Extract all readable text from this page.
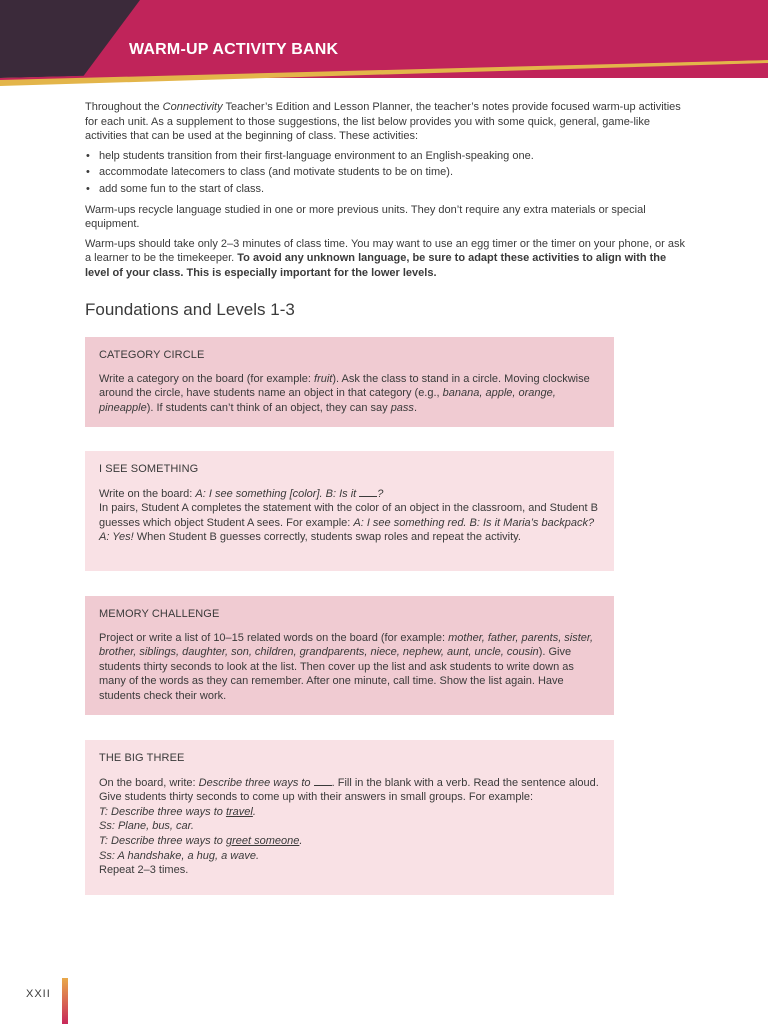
WARM-UP ACTIVITY BANK

Throughout the Connectivity Teacher’s Edition and Lesson Planner, the teacher’s notes provide focused warm-up activities for each unit. As a supplement to those suggestions, the list below provides you with some quick, general, game-like activities that can be used at the beginning of class. These activities:

• help students transition from their first-language environment to an English-speaking one.
• accommodate latecomers to class (and motivate students to be on time).
• add some fun to the start of class.

Warm-ups recycle language studied in one or more previous units. They don’t require any extra materials or special equipment.

Warm-ups should take only 2–3 minutes of class time. You may want to use an egg timer or the timer on your phone, or ask a learner to be the timekeeper. To avoid any unknown language, be sure to adapt these activities to align with the level of your class. This is especially important for the lower levels.

Foundations and Levels 1-3
CATEGORY CIRCLE

Write a category on the board (for example: fruit). Ask the class to stand in a circle. Moving clockwise around the circle, have students name an object in that category (e.g., banana, apple, orange, pineapple). If students can’t think of an object, they can say pass.

I SEE SOMETHING

Write on the board: A: I see something [color]. B: Is it ?
In pairs, Student A completes the statement with the color of an object in the classroom, and Student B guesses which object Student A sees. For example: A: I see something red. B: Is it Maria’s backpack? A: Yes! When Student B guesses correctly, students swap roles and repeat the activity.

MEMORY CHALLENGE

Project or write a list of 10–15 related words on the board (for example: mother, father, parents, sister, brother, siblings, daughter, son, children, grandparents, niece, nephew, aunt, uncle, cousin). Give students thirty seconds to look at the list. Then cover up the list and ask students to write down as many of the words as they can remember. After one minute, call time. Show the list again. Have students check their work.

THE BIG THREE

On the board, write: Describe three ways to . Fill in the blank with a verb. Read the sentence aloud. Give students thirty seconds to come up with their answers in small groups. For example:
T: Describe three ways to travel.
Ss: Plane, bus, car.
T: Describe three ways to greet someone.
Ss: A handshake, a hug, a wave.
Repeat 2–3 times.

XXII
